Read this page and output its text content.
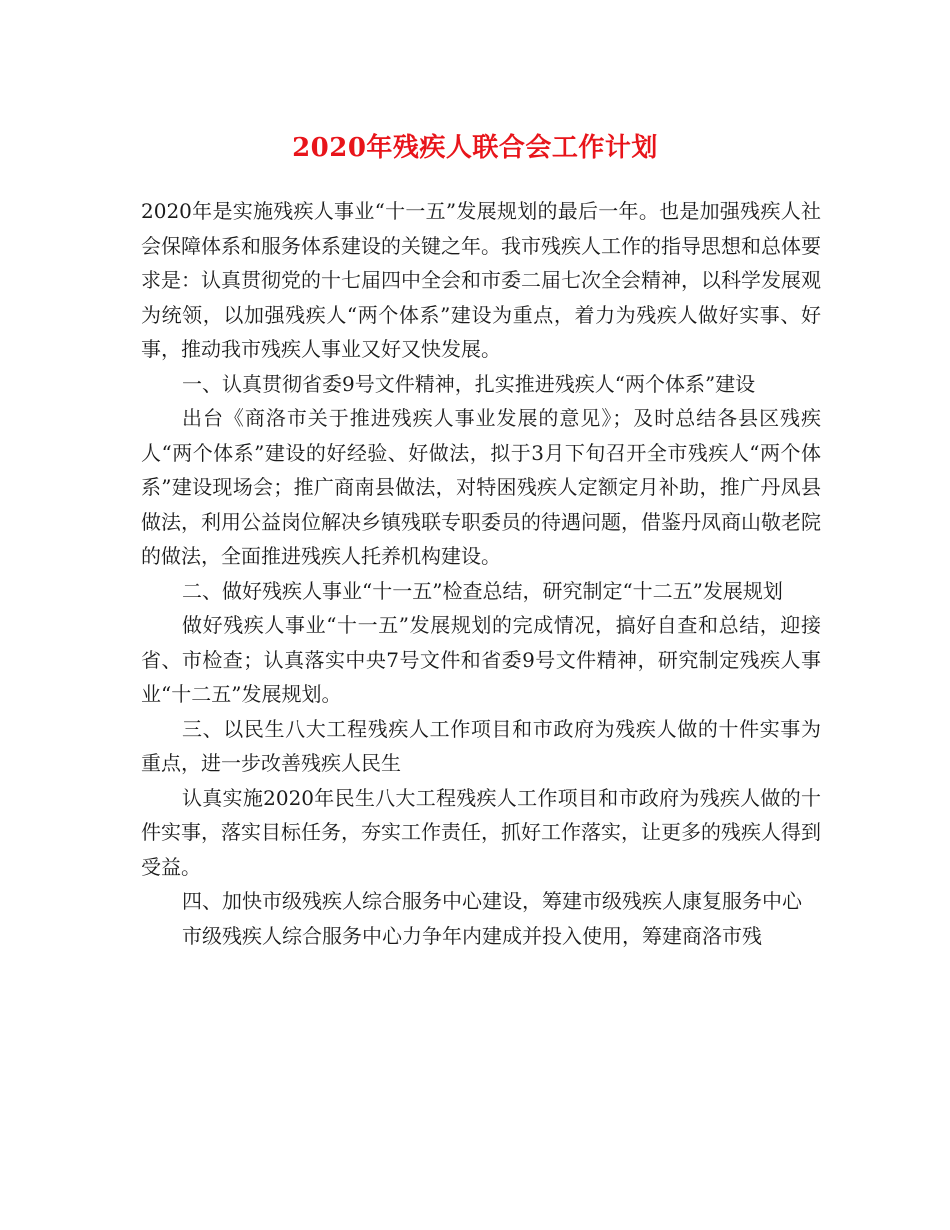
2020年残疾人联合会工作计划

2020年是实施残疾人事业“十一五”发展规划的最后一年。也是加强残疾人社会保障体系和服务体系建设的关键之年。我市残疾人工作的指导思想和总体要求是：认真贯彻党的十七届四中全会和市委二届七次全会精神，以科学发展观为统领，以加强残疾人“两个体系”建设为重点，着力为残疾人做好实事、好事，推动我市残疾人事业又好又快发展。

一、认真贯彻省委9号文件精神，扎实推进残疾人“两个体系”建设

出台《商洛市关于推进残疾人事业发展的意见》；及时总结各县区残疾人“两个体系”建设的好经验、好做法，拟于3月下旬召开全市残疾人“两个体系”建设现场会；推广商南县做法，对特困残疾人定额定月补助，推广丹凤县做法，利用公益岗位解决乡镇残联专职委员的待遇问题，借鉴丹凤商山敬老院的做法，全面推进残疾人托养机构建设。

二、做好残疾人事业“十一五”检查总结，研究制定“十二五”发展规划

做好残疾人事业“十一五”发展规划的完成情况，搞好自查和总结，迎接省、市检查；认真落实中央7号文件和省委9号文件精神，研究制定残疾人事业“十二五”发展规划。

三、以民生八大工程残疾人工作项目和市政府为残疾人做的十件实事为重点，进一步改善残疾人民生

认真实施2020年民生八大工程残疾人工作项目和市政府为残疾人做的十件实事，落实目标任务，夯实工作责任，抓好工作落实，让更多的残疾人得到受益。

四、加快市级残疾人综合服务中心建设，筹建市级残疾人康复服务中心

市级残疾人综合服务中心力争年内建成并投入使用，筹建商洛市残
